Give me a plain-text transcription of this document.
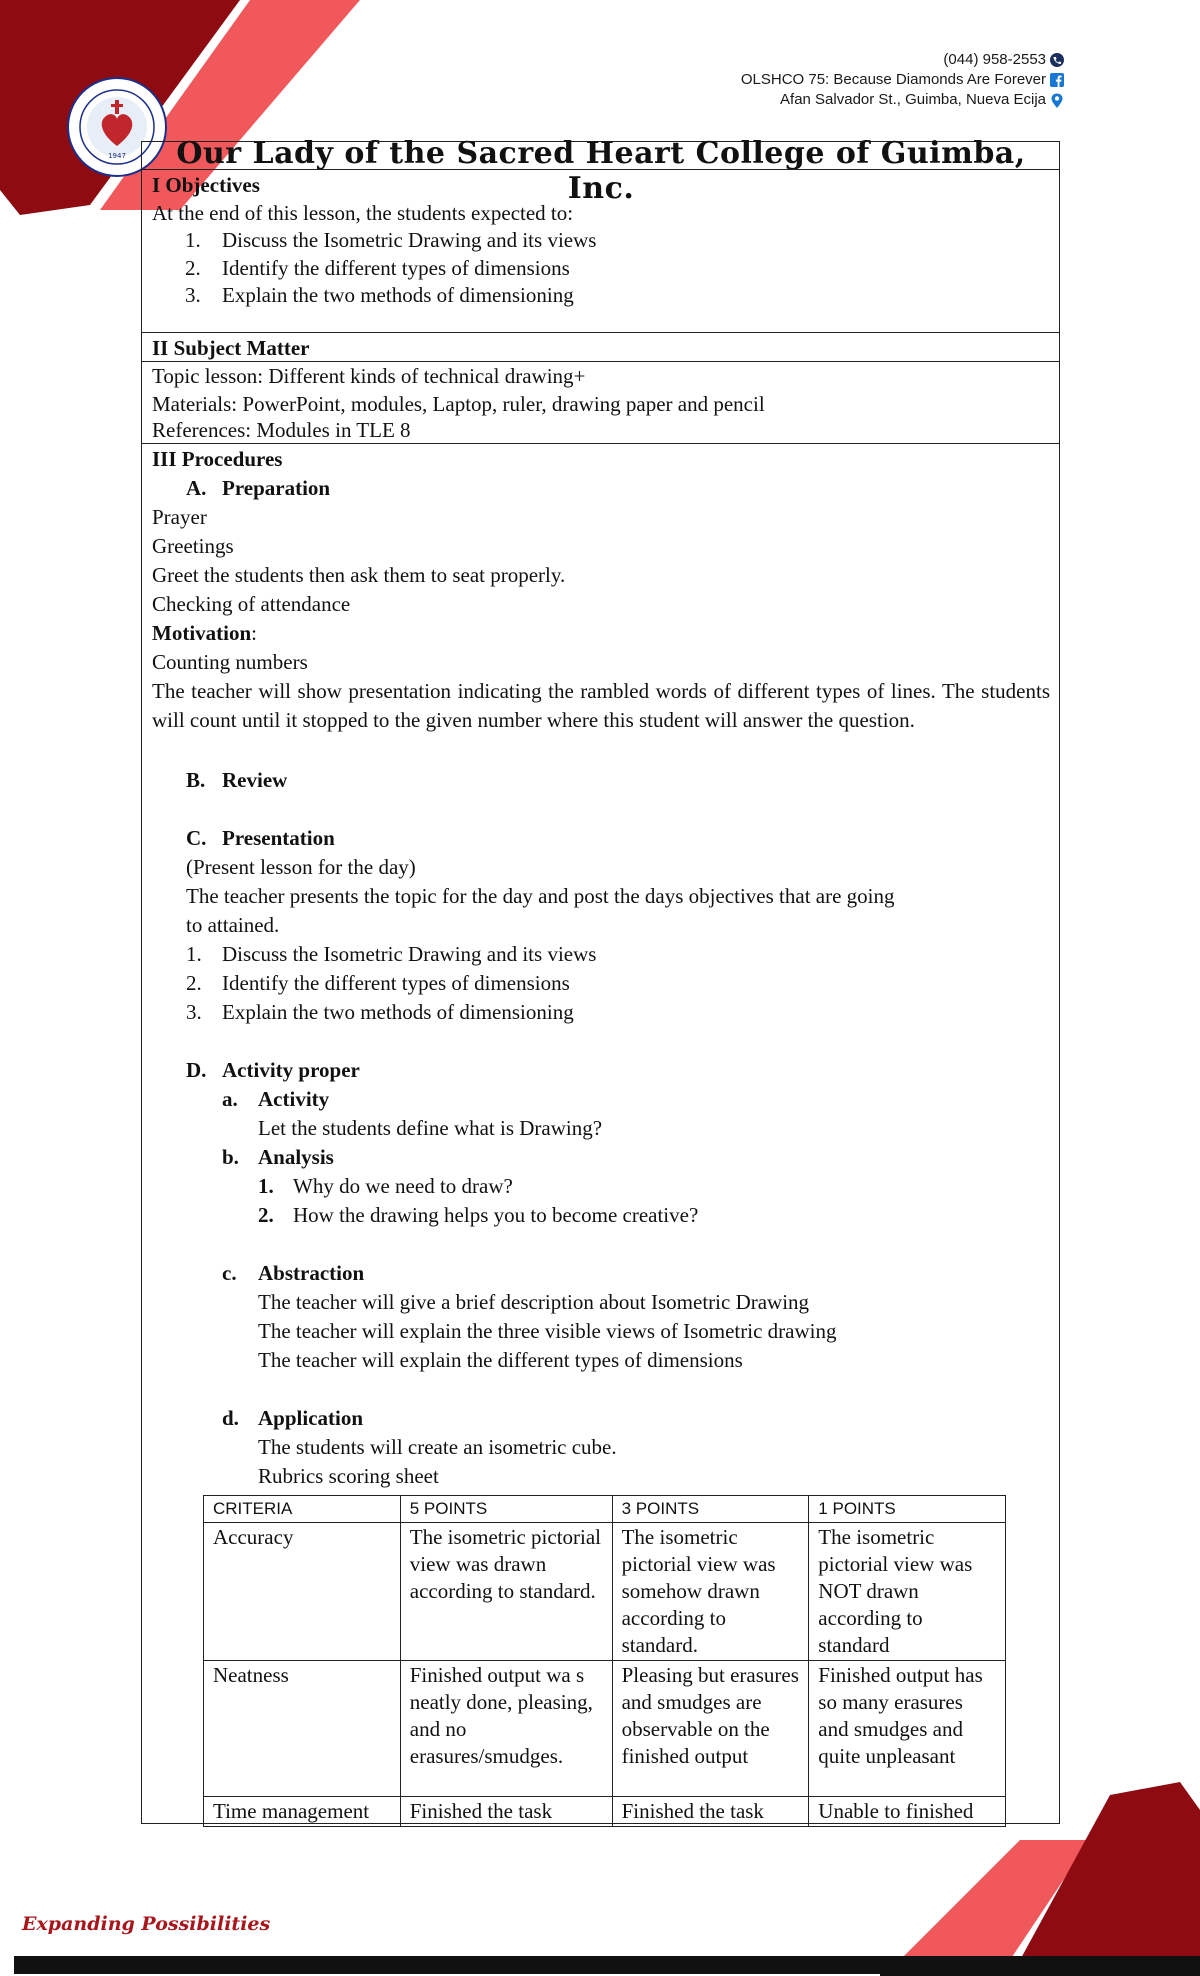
Expanding Possibilities
1947
(044) 958-2553
OLSHCO 75: Because Diamonds Are Forever
Afan Salvador St., Guimba, Nueva Ecija
Our Lady of the Sacred Heart College of Guimba, Inc.
I Objectives
At the end of this lesson, the students expected to:
1. Discuss the Isometric Drawing and its views
2. Identify the different types of dimensions
3. Explain the two methods of dimensioning
II Subject Matter
Topic lesson: Different kinds of technical drawing+
Materials: PowerPoint, modules, Laptop, ruler, drawing paper and pencil
References: Modules in TLE 8
III Procedures
A. Preparation
Prayer
Greetings
Greet the students then ask them to seat properly.
Checking of attendance
Motivation:
Counting numbers
The teacher will show presentation indicating the rambled words of different types of lines. The students will count until it stopped to the given number where this student will answer the question.
B. Review
C. Presentation
(Present lesson for the day)
The teacher presents the topic for the day and post the days objectives that are going
to attained.
1. Discuss the Isometric Drawing and its views
2. Identify the different types of dimensions
3. Explain the two methods of dimensioning
D. Activity proper
a. Activity
Let the students define what is Drawing?
b. Analysis
1. Why do we need to draw?
2. How the drawing helps you to become creative?
c. Abstraction
The teacher will give a brief description about Isometric Drawing
The teacher will explain the three visible views of Isometric drawing
The teacher will explain the different types of dimensions
d. Application
The students will create an isometric cube.
Rubrics scoring sheet
CRITERIA	5 POINTS	3 POINTS	1 POINTS
Accuracy	The isometric pictorial view was drawn according to standard.	The isometric pictorial view was somehow drawn according to standard.	The isometric pictorial view was NOT drawn according to standard
Neatness	Finished output wa s neatly done, pleasing, and no erasures/smudges.	Pleasing but erasures and smudges are observable on the finished output	Finished output has so many erasures and smudges and quite unpleasant
Time management	Finished the task	Finished the task	Unable to finished
